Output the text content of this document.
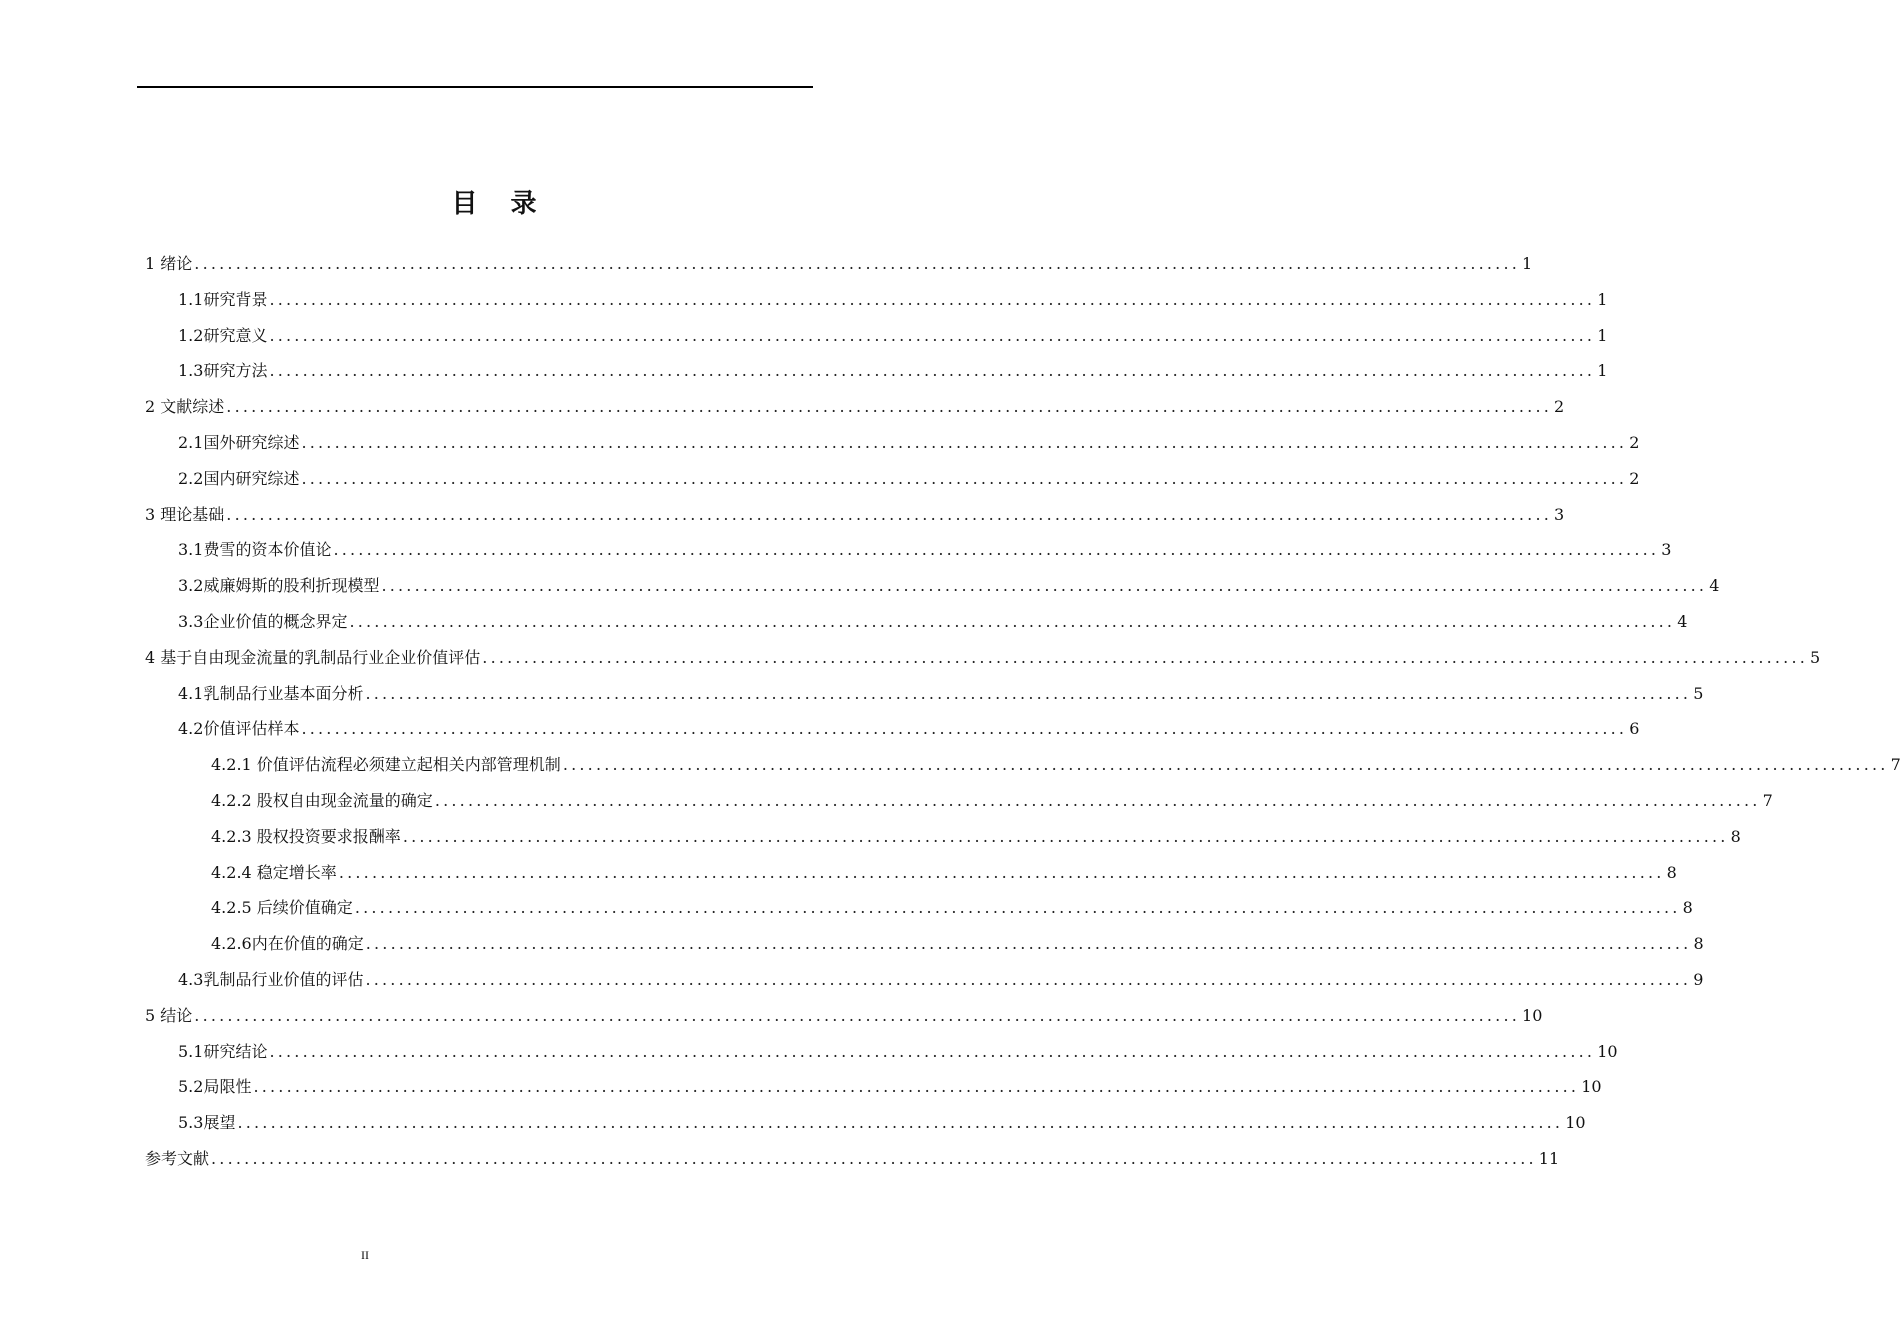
目 录
1 绪论 ................................................................................................................................................................ 1
1.1研究背景 ................................................................................................................................................................ 1
1.2研究意义 ................................................................................................................................................................ 1
1.3研究方法 ................................................................................................................................................................ 1
2 文献综述 ................................................................................................................................................................ 2
2.1国外研究综述 ................................................................................................................................................................ 2
2.2国内研究综述 ................................................................................................................................................................ 2
3 理论基础 ................................................................................................................................................................ 3
3.1费雪的资本价值论 ................................................................................................................................................................ 3
3.2威廉姆斯的股利折现模型 ................................................................................................................................................................ 4
3.3企业价值的概念界定 ................................................................................................................................................................ 4
4 基于自由现金流量的乳制品行业企业价值评估 ................................................................................................................................................................ 5
4.1乳制品行业基本面分析 ................................................................................................................................................................ 5
4.2价值评估样本 ................................................................................................................................................................ 6
4.2.1 价值评估流程必须建立起相关内部管理机制 ................................................................................................................................................................ 7
4.2.2 股权自由现金流量的确定 ................................................................................................................................................................ 7
4.2.3 股权投资要求报酬率 ................................................................................................................................................................ 8
4.2.4 稳定增长率 ................................................................................................................................................................ 8
4.2.5 后续价值确定 ................................................................................................................................................................ 8
4.2.6内在价值的确定 ................................................................................................................................................................ 8
4.3乳制品行业价值的评估 ................................................................................................................................................................ 9
5 结论 ................................................................................................................................................................ 10
5.1研究结论 ................................................................................................................................................................ 10
5.2局限性 ................................................................................................................................................................ 10
5.3展望 ................................................................................................................................................................ 10
参考文献 ................................................................................................................................................................ 11
II
